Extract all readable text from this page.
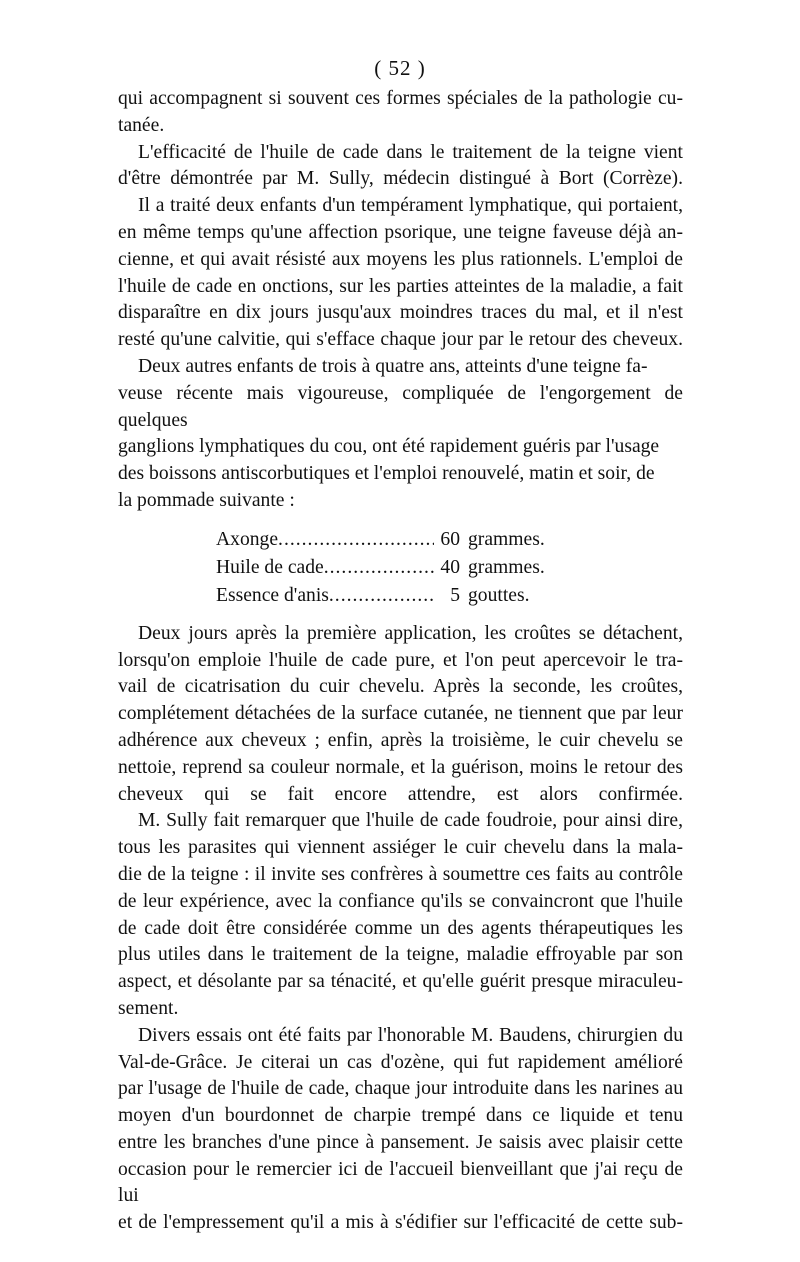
( 52 )

qui accompagnent si souvent ces formes spéciales de la pathologie cu-
tanée.

L'efficacité de l'huile de cade dans le traitement de la teigne vient
d'être démontrée par M. Sully, médecin distingué à Bort (Corrèze).

Il a traité deux enfants d'un tempérament lymphatique, qui portaient,
en même temps qu'une affection psorique, une teigne faveuse déjà an-
cienne, et qui avait résisté aux moyens les plus rationnels. L'emploi de
l'huile de cade en onctions, sur les parties atteintes de la maladie, a fait
disparaître en dix jours jusqu'aux moindres traces du mal, et il n'est
resté qu'une calvitie, qui s'efface chaque jour par le retour des cheveux.

Deux autres enfants de trois à quatre ans, atteints d'une teigne fa-
veuse récente mais vigoureuse, compliquée de l'engorgement de quelques
ganglions lymphatiques du cou, ont été rapidement guéris par l'usage
des boissons antiscorbutiques et l'emploi renouvelé, matin et soir, de
la pommade suivante :

Axonge .....	60 grammes.
Huile de cade .....	40 grammes.
Essence d'anis .....	5 gouttes.

Deux jours après la première application, les croûtes se détachent,
lorsqu'on emploie l'huile de cade pure, et l'on peut apercevoir le tra-
vail de cicatrisation du cuir chevelu. Après la seconde, les croûtes,
complétement détachées de la surface cutanée, ne tiennent que par leur
adhérence aux cheveux ; enfin, après la troisième, le cuir chevelu se
nettoie, reprend sa couleur normale, et la guérison, moins le retour des
cheveux qui se fait encore attendre, est alors confirmée.

M. Sully fait remarquer que l'huile de cade foudroie, pour ainsi dire,
tous les parasites qui viennent assiéger le cuir chevelu dans la mala-
die de la teigne : il invite ses confrères à soumettre ces faits au contrôle
de leur expérience, avec la confiance qu'ils se convaincront que l'huile
de cade doit être considérée comme un des agents thérapeutiques les
plus utiles dans le traitement de la teigne, maladie effroyable par son
aspect, et désolante par sa ténacité, et qu'elle guérit presque miraculeu-
sement.

Divers essais ont été faits par l'honorable M. Baudens, chirurgien du
Val-de-Grâce. Je citerai un cas d'ozène, qui fut rapidement amélioré
par l'usage de l'huile de cade, chaque jour introduite dans les narines au
moyen d'un bourdonnet de charpie trempé dans ce liquide et tenu
entre les branches d'une pince à pansement. Je saisis avec plaisir cette
occasion pour le remercier ici de l'accueil bienveillant que j'ai reçu de lui
et de l'empressement qu'il a mis à s'édifier sur l'efficacité de cette sub-
